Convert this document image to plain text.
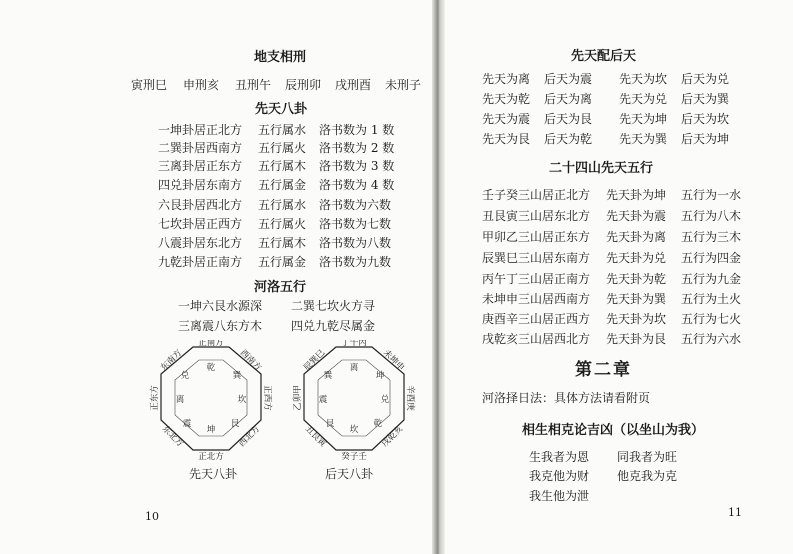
地支相刑
寅刑巳 申刑亥 丑刑午 辰刑卯 戌刑酉 未刑子
先天八卦
一坤卦居正北方 五行属水 洛书数为 1 数
二巽卦居西南方 五行属火 洛书数为 2 数
三离卦居正东方 五行属木 洛书数为 3 数
四兑卦居东南方 五行属金 洛书数为 4 数
六艮卦居西北方 五行属水 洛书数为六数
七坎卦居正西方 五行属火 洛书数为七数
八震卦居东北方 五行属木 洛书数为八数
九乾卦居正南方 五行属金 洛书数为九数
河洛五行
一坤六艮水源深 二巽七坎火方寻
三离震八东方木 四兑九乾尽属金
正南方
东南方	西南方
正西方
正东方
西北方
东北方
正北方
乾
巽
坎
艮
坤
震
离
兑
先天八卦
丁午丙
辰巽巳	未坤申
辛酉庚
乙卯甲
戌乾亥
丑艮寅
癸子壬
离
坤
兑
乾
坎
艮
震
巽
后天八卦
10
先天配后天
先天为离 后天为震 先天为坎 后天为兑
先天为乾 后天为离 先天为兑 后天为巽
先天为震 后天为艮 先天为坤 后天为坎
先天为艮 后天为乾 先天为巽 后天为坤
二十四山先天五行
壬子癸三山居正北方 先天卦为坤 五行为一水
丑艮寅三山居东北方 先天卦为震 五行为八木
甲卯乙三山居正东方 先天卦为离 五行为三木
辰巽巳三山居东南方 先天卦为兑 五行为四金
丙午丁三山居正南方 先天卦为乾 五行为九金
未坤申三山居西南方 先天卦为巽 五行为土火
庚酉辛三山居正西方 先天卦为坎 五行为七火
戌乾亥三山居西北方 先天卦为艮 五行为六水
第二章
河洛择日法：具体方法请看附页
相生相克论吉凶（以坐山为我）
生我者为恩 同我者为旺
我克他为财 他克我为克
我生他为泄
11
